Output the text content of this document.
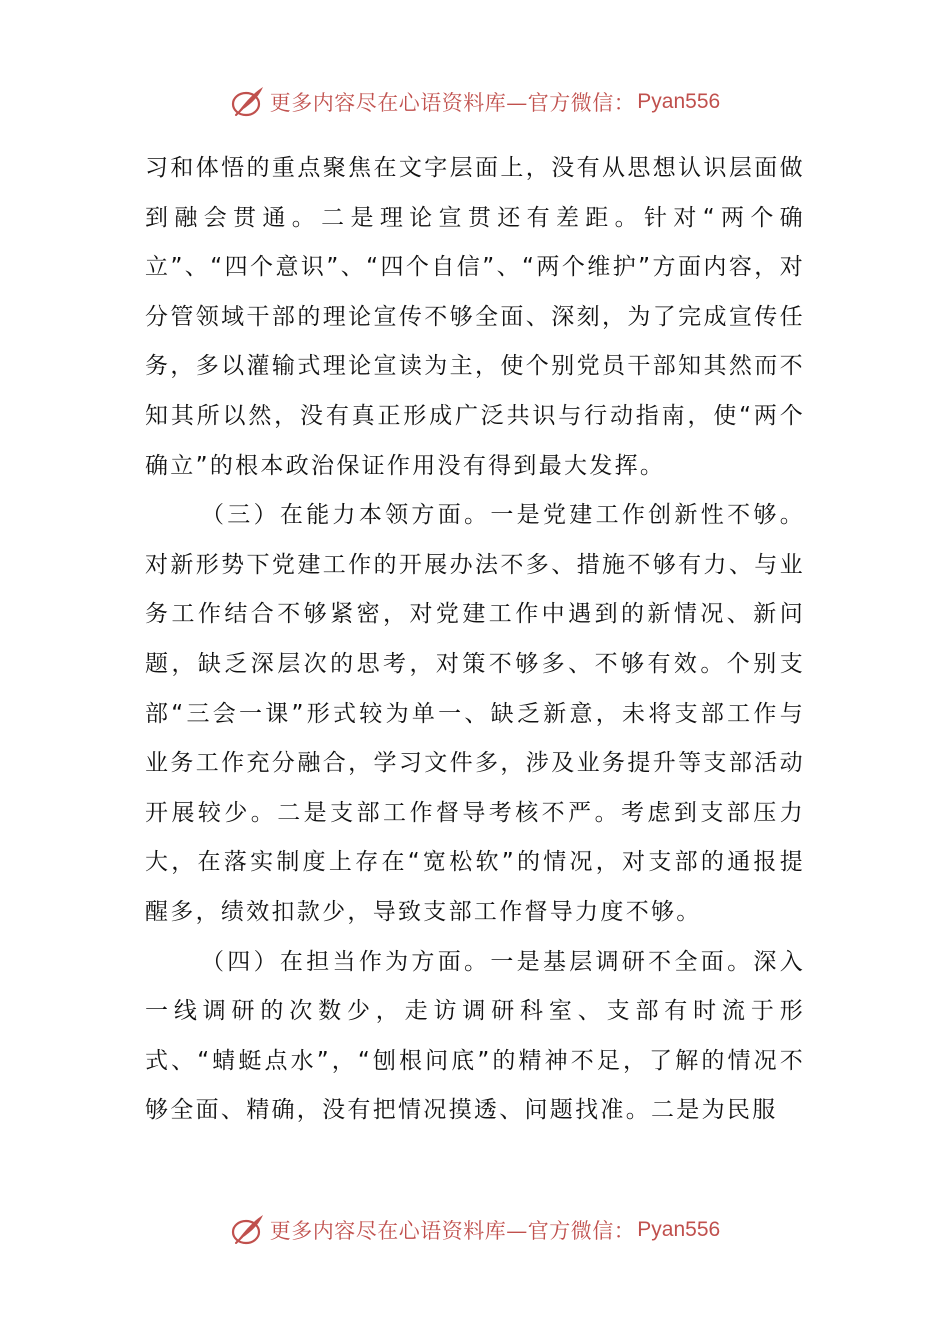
更多内容尽在心语资料库—官方微信： Pyan556

习和体悟的重点聚焦在文字层面上，没有从思想认识层面做到融会贯通。二是理论宣贯还有差距。针对“两个确立”、“四个意识”、“四个自信”、“两个维护”方面内容，对分管领域干部的理论宣传不够全面、深刻，为了完成宣传任务，多以灌输式理论宣读为主，使个别党员干部知其然而不知其所以然，没有真正形成广泛共识与行动指南，使“两个确立”的根本政治保证作用没有得到最大发挥。

（三）在能力本领方面。一是党建工作创新性不够。对新形势下党建工作的开展办法不多、措施不够有力、与业务工作结合不够紧密，对党建工作中遇到的新情况、新问题，缺乏深层次的思考，对策不够多、不够有效。个别支部“三会一课”形式较为单一、缺乏新意，未将支部工作与业务工作充分融合，学习文件多，涉及业务提升等支部活动开展较少。二是支部工作督导考核不严。考虑到支部压力大，在落实制度上存在“宽松软”的情况，对支部的通报提醒多，绩效扣款少，导致支部工作督导力度不够。

（四）在担当作为方面。一是基层调研不全面。深入一线调研的次数少，走访调研科室、支部有时流于形式、“蜻蜓点水”，“刨根问底”的精神不足，了解的情况不够全面、精确，没有把情况摸透、问题找准。二是为民服

更多内容尽在心语资料库—官方微信： Pyan556
